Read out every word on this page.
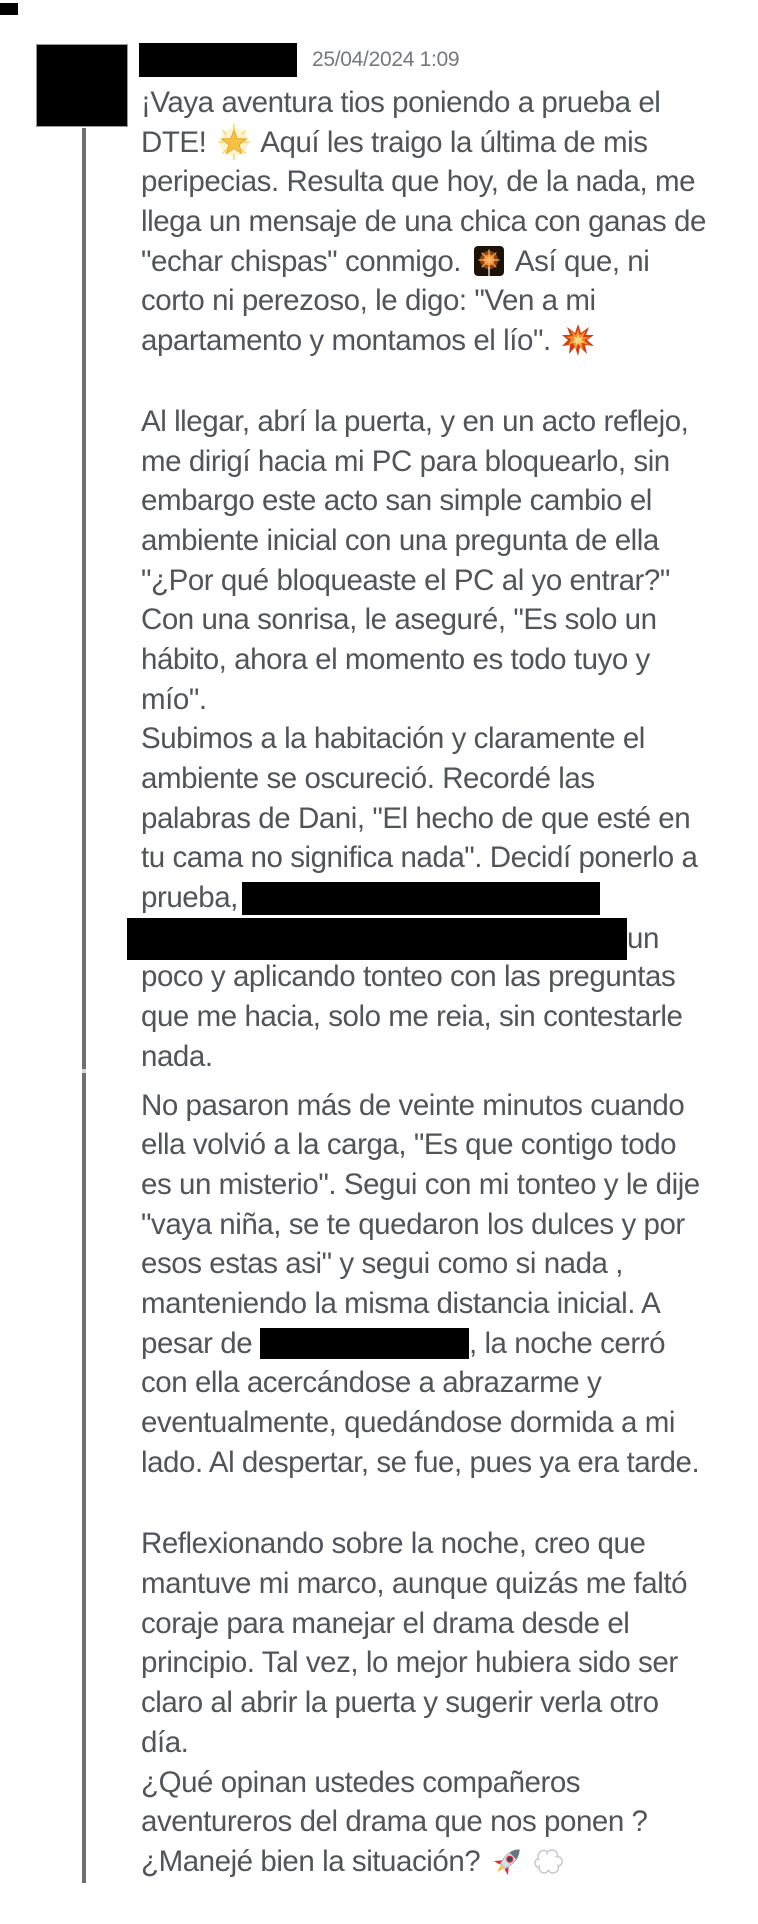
25/04/2024 1:09
¡Vaya aventura tios poniendo a prueba el
DTE!  Aquí les traigo la última de mis
peripecias. Resulta que hoy, de la nada, me
llega un mensaje de una chica con ganas de
"echar chispas" conmigo.  Así que, ni
corto ni perezoso, le digo: "Ven a mi
apartamento y montamos el lío".
Al llegar, abrí la puerta, y en un acto reflejo,
me dirigí hacia mi PC para bloquearlo, sin
embargo este acto san simple cambio el
ambiente inicial con una pregunta de ella
"¿Por qué bloqueaste el PC al yo entrar?"
Con una sonrisa, le aseguré, "Es solo un
hábito, ahora el momento es todo tuyo y
mío".
Subimos a la habitación y claramente el
ambiente se oscureció. Recordé las
palabras de Dani, "El hecho de que esté en
tu cama no significa nada". Decidí ponerlo a
prueba,
un
poco y aplicando tonteo con las preguntas
que me hacia, solo me reia, sin contestarle
nada.
No pasaron más de veinte minutos cuando
ella volvió a la carga, "Es que contigo todo
es un misterio". Segui con mi tonteo y le dije
"vaya niña, se te quedaron los dulces y por
esos estas asi" y segui como si nada ,
manteniendo la misma distancia inicial. A
pesar de	, la noche cerró
con ella acercándose a abrazarme y
eventualmente, quedándose dormida a mi
lado. Al despertar, se fue, pues ya era tarde.
Reflexionando sobre la noche, creo que
mantuve mi marco, aunque quizás me faltó
coraje para manejar el drama desde el
principio. Tal vez, lo mejor hubiera sido ser
claro al abrir la puerta y sugerir verla otro
día.
¿Qué opinan ustedes compañeros
aventureros del drama que nos ponen ?
¿Manejé bien la situación?
